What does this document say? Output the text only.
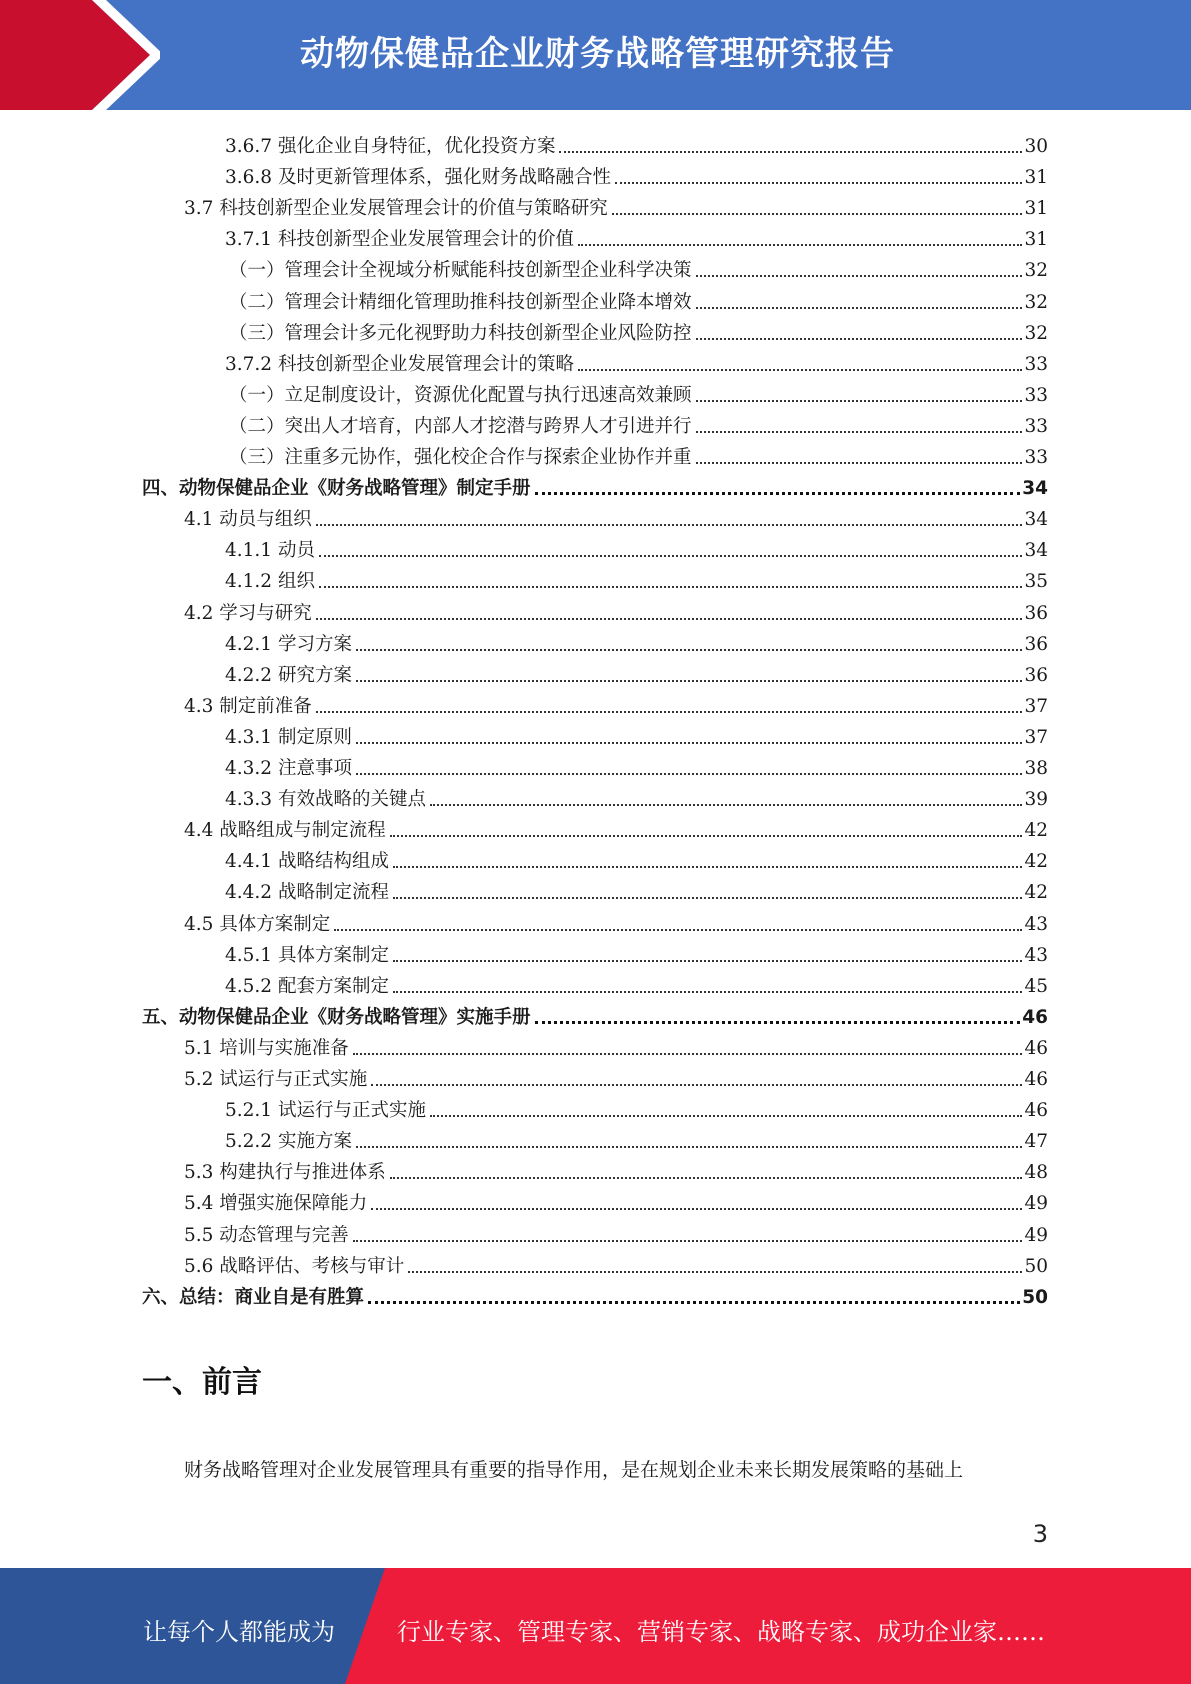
动物保健品企业财务战略管理研究报告
3.6.7 强化企业自身特征，优化投资方案	30
3.6.8 及时更新管理体系，强化财务战略融合性	31
3.7 科技创新型企业发展管理会计的价值与策略研究	31
3.7.1 科技创新型企业发展管理会计的价值	31
（一）管理会计全视域分析赋能科技创新型企业科学决策	32
（二）管理会计精细化管理助推科技创新型企业降本增效	32
（三）管理会计多元化视野助力科技创新型企业风险防控	32
3.7.2 科技创新型企业发展管理会计的策略	33
（一）立足制度设计，资源优化配置与执行迅速高效兼顾	33
（二）突出人才培育，内部人才挖潜与跨界人才引进并行	33
（三）注重多元协作，强化校企合作与探索企业协作并重	33
四、动物保健品企业《财务战略管理》制定手册	34
4.1 动员与组织	34
4.1.1 动员	34
4.1.2 组织	35
4.2 学习与研究	36
4.2.1 学习方案	36
4.2.2 研究方案	36
4.3 制定前准备	37
4.3.1 制定原则	37
4.3.2 注意事项	38
4.3.3 有效战略的关键点	39
4.4 战略组成与制定流程	42
4.4.1 战略结构组成	42
4.4.2 战略制定流程	42
4.5 具体方案制定	43
4.5.1 具体方案制定	43
4.5.2 配套方案制定	45
五、动物保健品企业《财务战略管理》实施手册	46
5.1 培训与实施准备	46
5.2 试运行与正式实施	46
5.2.1 试运行与正式实施	46
5.2.2 实施方案	47
5.3 构建执行与推进体系	48
5.4 增强实施保障能力	49
5.5 动态管理与完善	49
5.6 战略评估、考核与审计	50
六、总结：商业自是有胜算	50
一、前言
财务战略管理对企业发展管理具有重要的指导作用，是在规划企业未来长期发展策略的基础上
3
让每个人都能成为	行业专家、管理专家、营销专家、战略专家、成功企业家……
